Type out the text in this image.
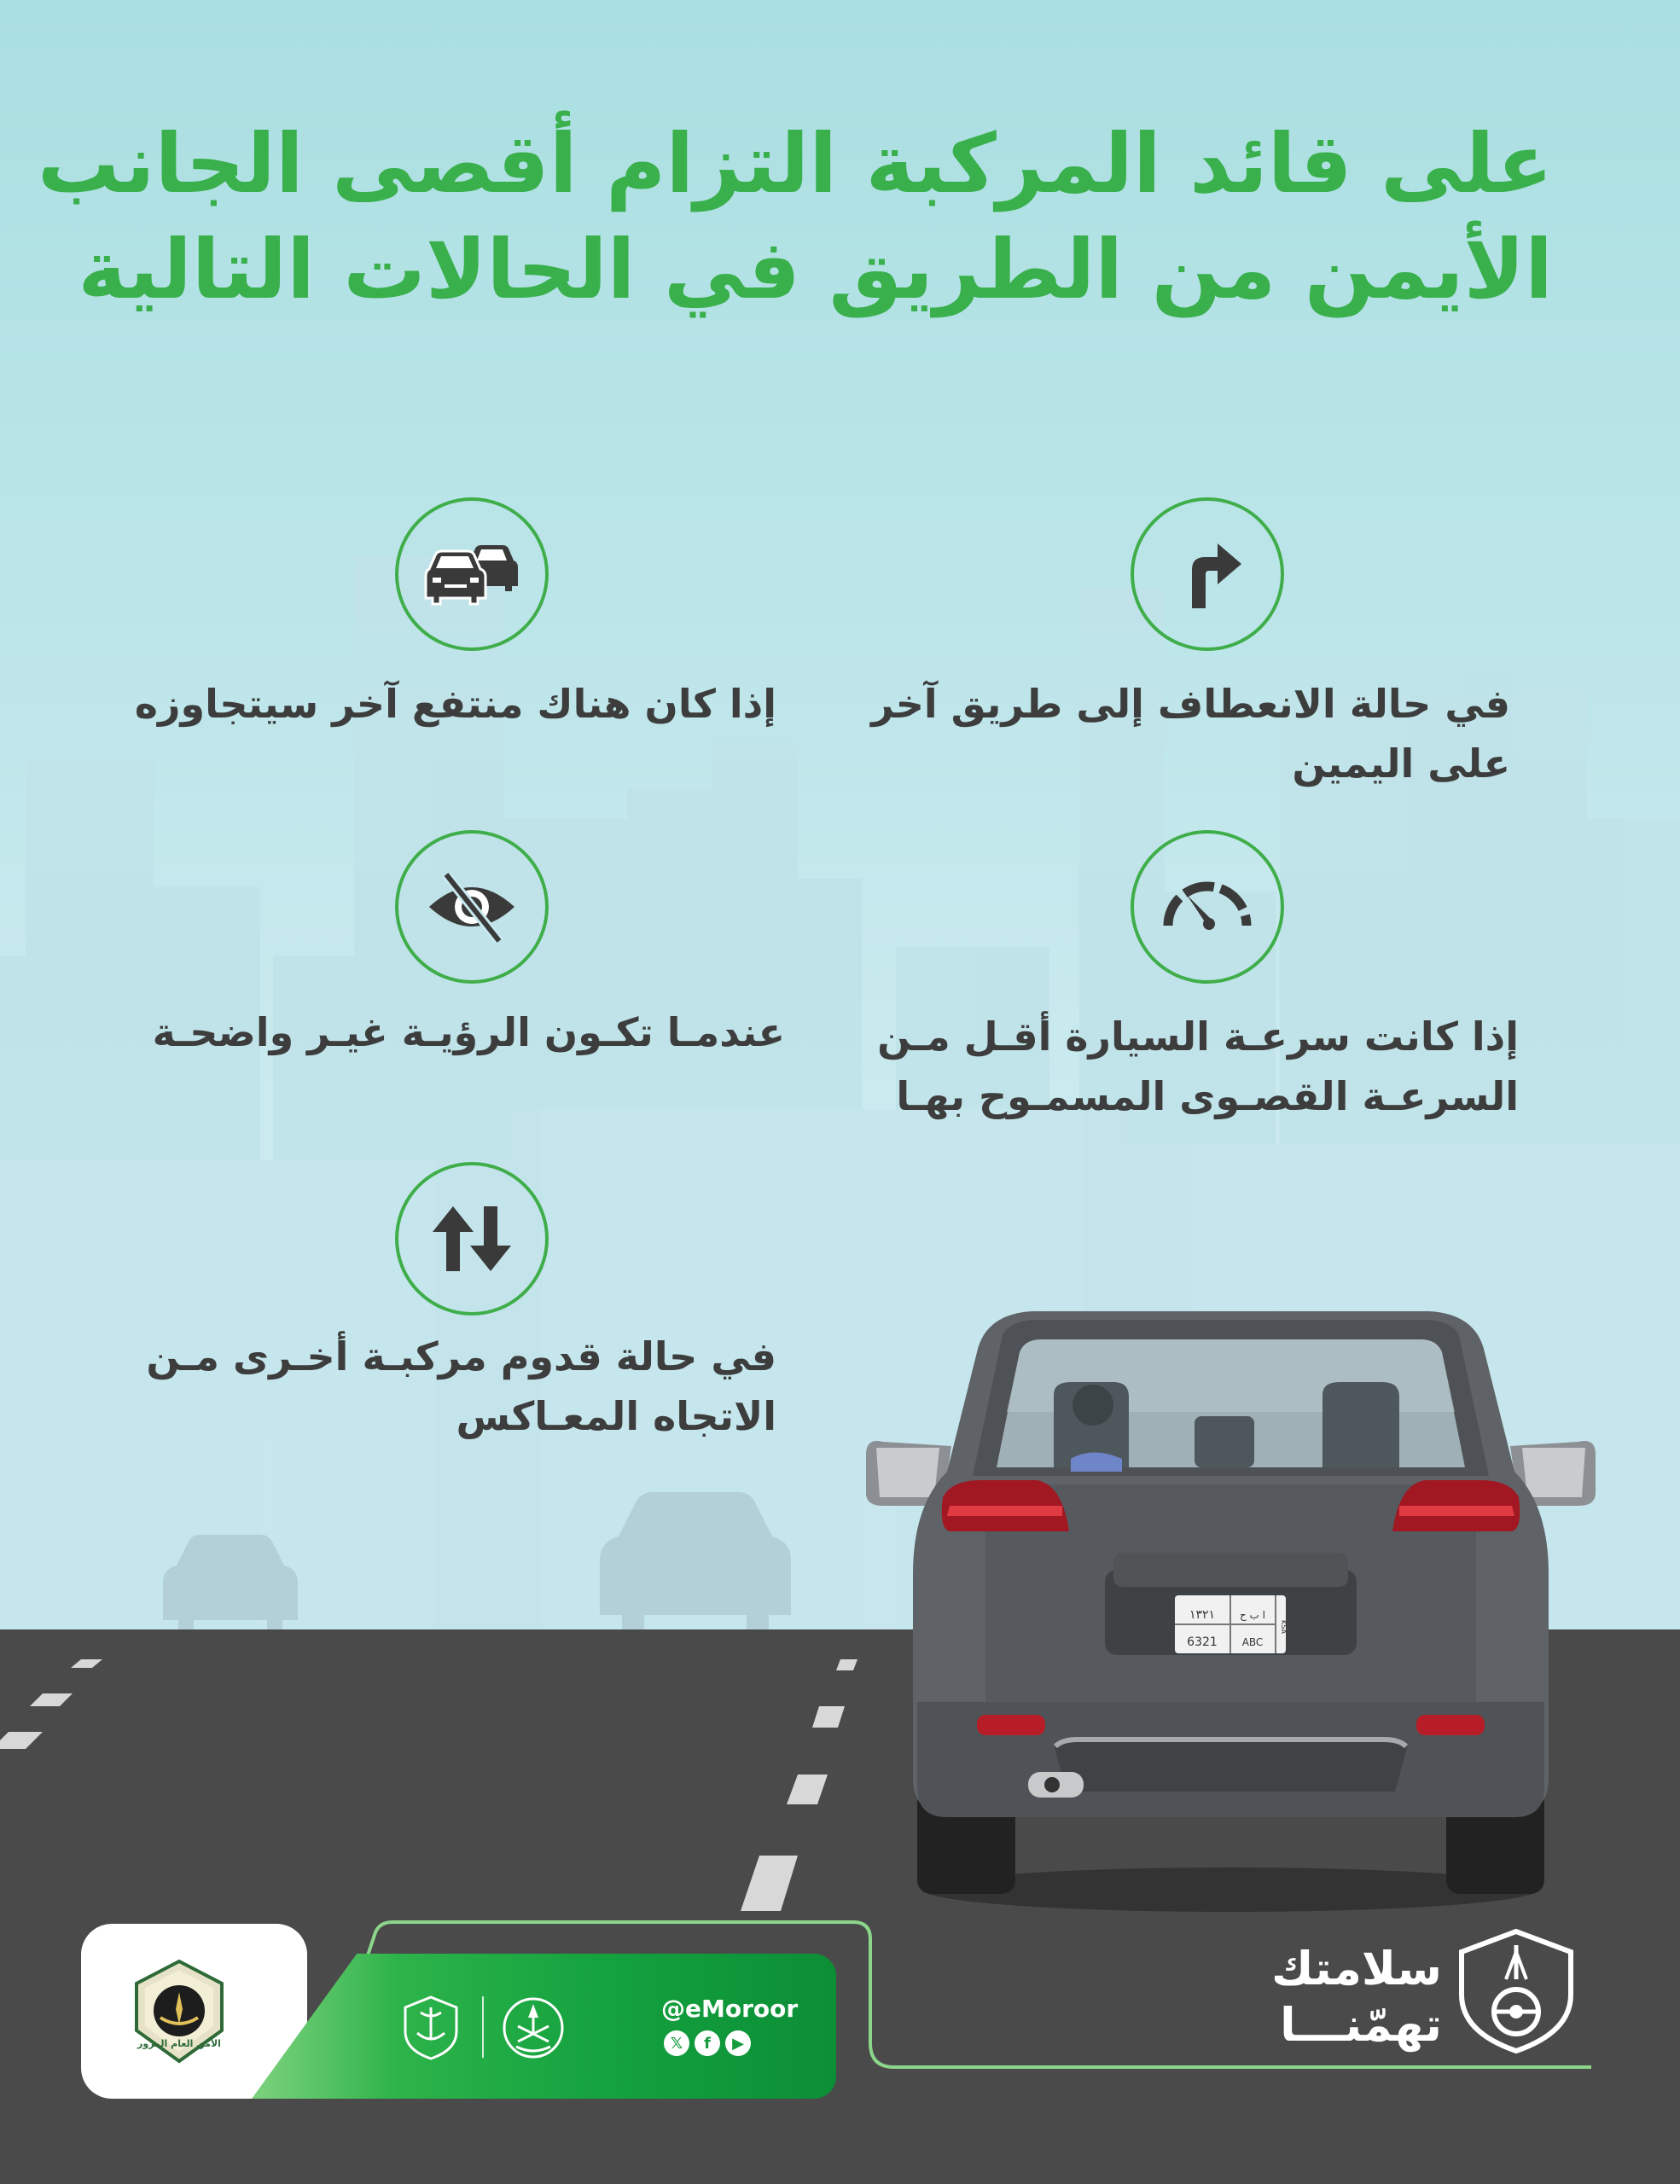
على قائد المركبة التزام أقصى الجانب
الأيمن من الطريق في الحالات التالية
في حالة الانعطاف إلى طريق آخر
على اليمين
إذا كان هناك منتفع آخر سيتجاوزه
إذا كانت سرعـة السيارة أقـل مـن
السرعـة القصـوى المسمـوح بهـا
عندمـا تكـون الرؤيـة غيـر واضحـة
في حالة قدوم مركبـة أخـرى مـن
الاتجاه المعـاكس
١٣٢١ ا ب ح
6321 ABC
KSA
الأمن العام المرور
@eMoroor
𝕏	f	▶
سلامتك
تهمّنـــا
